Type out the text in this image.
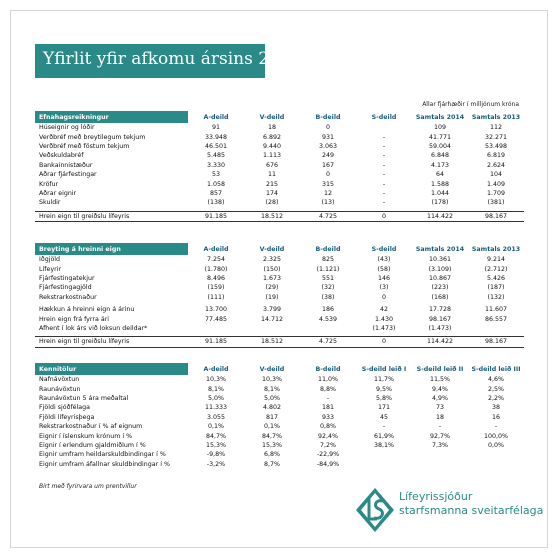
Yfirlit yfir afkomu ársins 2015
Allar fjárhæðir í milljónum króna
Efnahagsreikningur	A-deild	V-deild	B-deild	S-deild	Samtals 2014	Samtals 2013
Húseignir og lóðir	91	18	0		109	112
Verðbréf með breytilegum tekjum	33.948	6.892	931	-	41.771	32.271
Verðbréf með föstum tekjum	46.501	9.440	3.063	-	59.004	53.498
Veðskuldabréf	5.485	1.113	249	-	6.848	6.819
Bankainnistæður	3.330	676	167	-	4.173	2.624
Aðrar fjárfestingar	53	11	0	-	64	104
Kröfur	1.058	215	315	-	1.588	1.409
Aðrar eignir	857	174	12	-	1.044	1.709
Skuldir	(138)	(28)	(13)	-	(178)	(381)

Hrein eign til greiðslu lífeyris	91.185	18.512	4.725	0	114.422	98.167
Breyting á hreinni eign	A-deild	V-deild	B-deild	S-deild	Samtals 2014	Samtals 2013
Iðgjöld	7.254	2.325	825	(43)	10.361	9.214
Lífeyrir	(1.780)	(150)	(1.121)	(58)	(3.109)	(2.712)
Fjárfestingatekjur	8.496	1.673	551	146	10.867	5.426
Fjárfestingagjöld	(159)	(29)	(32)	(3)	(223)	(187)
Rekstrarkostnaður	(111)	(19)	(38)	0	(168)	(132)

Hækkun á hreinni eign á árinu	13.700	3.799	186	42	17.728	11.607
Hrein eign frá fyrra ári	77.485	14.712	4.539	1.430	98.167	86.557
Afhent í lok árs við loksun deildar*				(1.473)	(1.473)	

Hrein eign til greiðslu lífeyris	91.185	18.512	4.725	0	114.422	98.167
Kennitölur	A-deild	V-deild	B-deild	S-deild leið I	S-deild leið II	S-deild leið III
Nafnávöxtun	10,3%	10,3%	11,0%	11,7%	11,5%	4,6%
Raunávöxtun	8,1%	8,1%	8,8%	9,5%	9,4%	2,5%
Raunávöxtun 5 ára meðaltal	5,0%	5,0%	-	5,8%	4,9%	2,2%
Fjöldi sjóðfélaga	11.333	4.802	181	171	73	38
Fjöldi lífeyrisþega	3.055	817	933	45	18	16
Rekstrarkostnaður í % af eignum	0,1%	0,1%	0,8%	-	-	-
Eignir í íslenskum krónum í %	84,7%	84,7%	92,4%	61,9%	92,7%	100,0%
Eignir í erlendum gjaldmiðlum í %	15,3%	15,3%	7,2%	38,1%	7,3%	0,0%
Eignir umfram heildarskuldbindingar í %	-9,8%	6,8%	-22,9%			
Eignir umfram áfallnar skuldbindingar í %	-3,2%	8,7%	-84,9%			
Birt með fyrirvara um prentvillur
Lífeyrissjóður
starfsmanna sveitarfélaga
